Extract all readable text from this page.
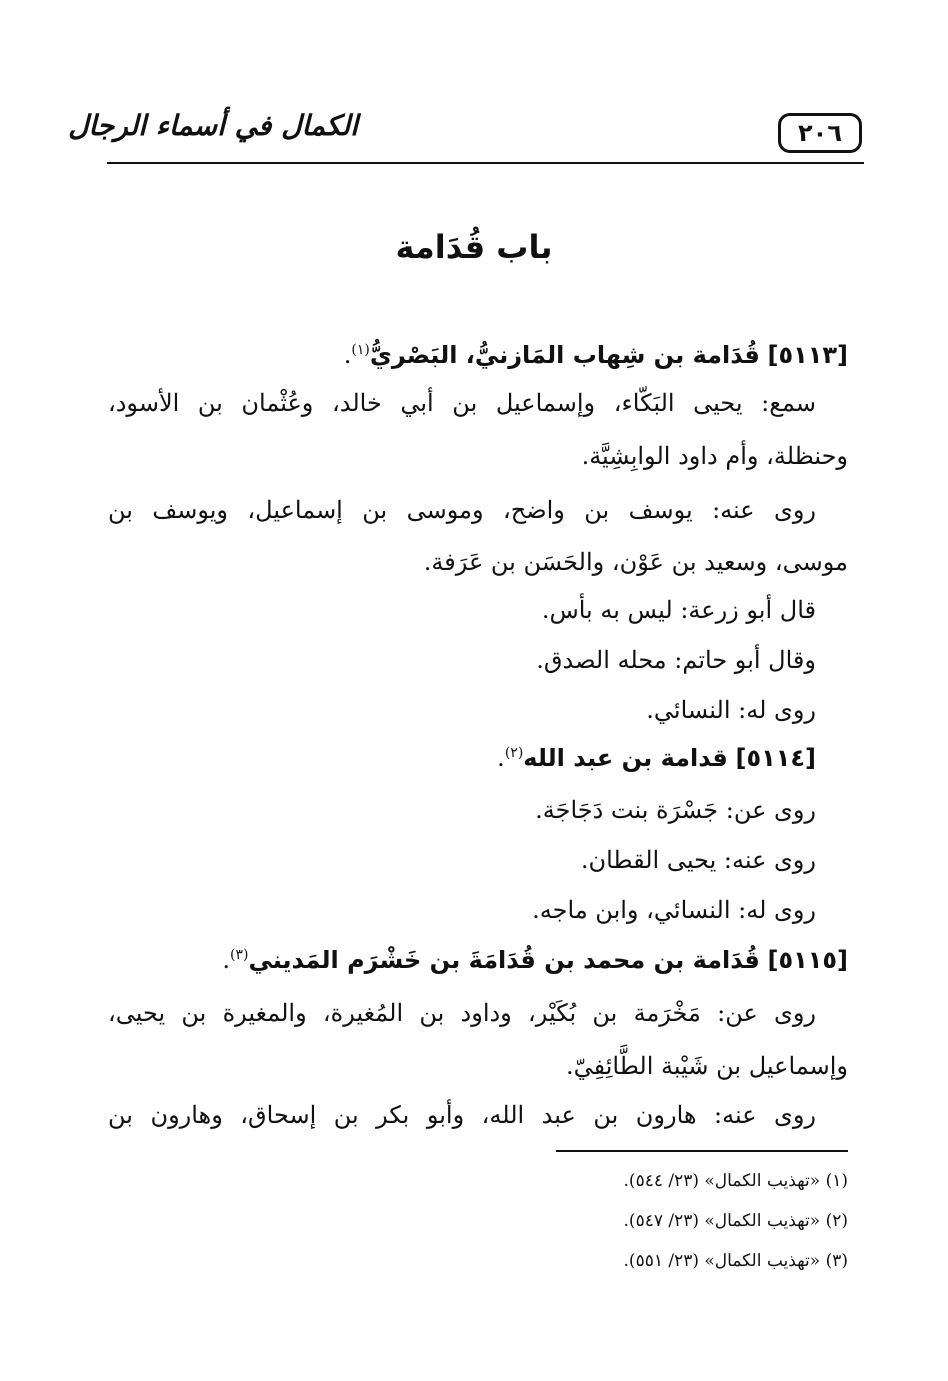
٢٠٦
الكمال في أسماء الرجال
باب قُدَامة
[٥١١٣] قُدَامة بن شِهاب المَازنيُّ، البَصْريُّ$^{(١)}$.
سمع: يحيى البَكّاء، وإسماعيل بن أبي خالد، وعُثْمان بن الأسود،
وحنظلة، وأم داود الوابِشِيَّة.
روى عنه: يوسف بن واضح، وموسى بن إسماعيل، ويوسف بن
موسى، وسعيد بن عَوْن، والحَسَن بن عَرَفة.
قال أبو زرعة: ليس به بأس.
وقال أبو حاتم: محله الصدق.
روى له: النسائي.
[٥١١٤] قدامة بن عبد الله$^{(٢)}$.
روى عن: جَسْرَة بنت دَجَاجَة.
روى عنه: يحيى القطان.
روى له: النسائي، وابن ماجه.
[٥١١٥] قُدَامة بن محمد بن قُدَامَةَ بن خَشْرَم المَديني$^{(٣)}$.
روى عن: مَخْرَمة بن بُكَيْر، وداود بن المُغيرة، والمغيرة بن يحيى،
وإسماعيل بن شَيْبة الطَّائِفِيّ.
روى عنه: هارون بن عبد الله، وأبو بكر بن إسحاق، وهارون بن
(١) «تهذيب الكمال» (٢٣/ ٥٤٤).
(٢) «تهذيب الكمال» (٢٣/ ٥٤٧).
(٣) «تهذيب الكمال» (٢٣/ ٥٥١).
